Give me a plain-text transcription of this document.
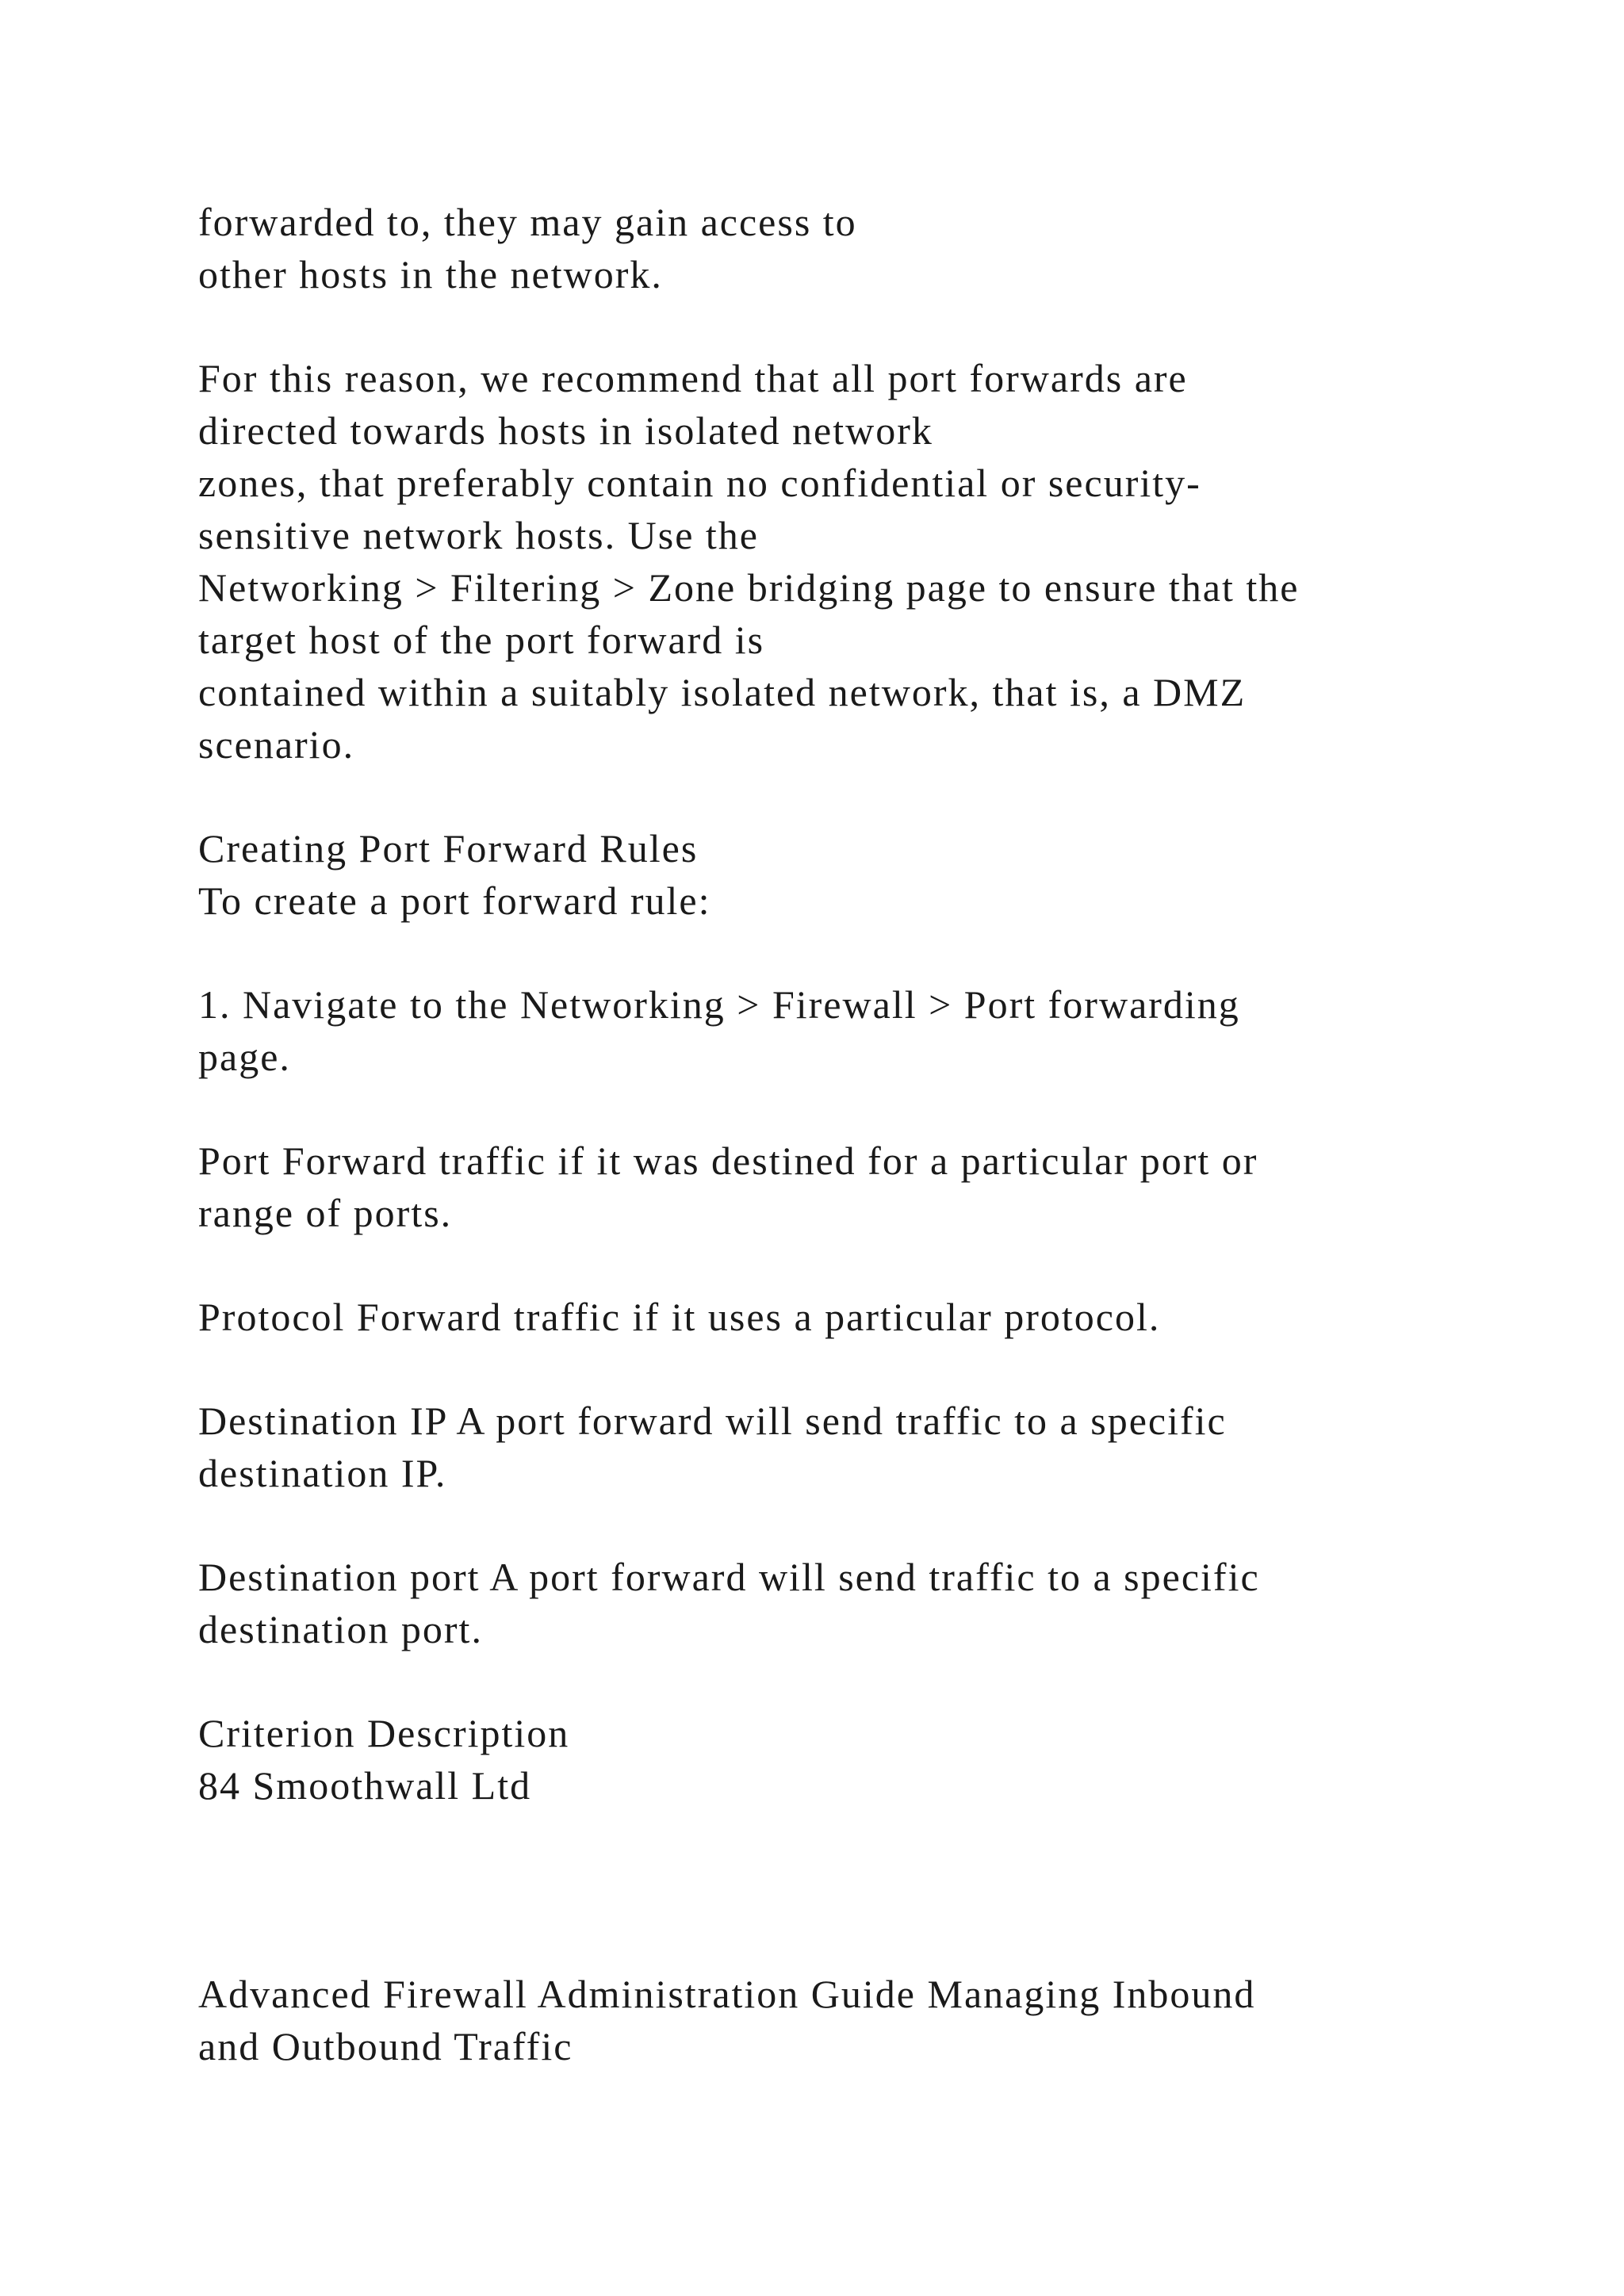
forwarded to, they may gain access to

other hosts in the network.

For this reason, we recommend that all port forwards are

directed towards hosts in isolated network

zones, that preferably contain no confidential or security-

sensitive network hosts. Use the

Networking > Filtering > Zone bridging page to ensure that the

target host of the port forward is

contained within a suitably isolated network, that is, a DMZ

scenario.

Creating Port Forward Rules

To create a port forward rule:

1. Navigate to the Networking > Firewall > Port forwarding

page.

Port Forward traffic if it was destined for a particular port or

range of ports.

Protocol Forward traffic if it uses a particular protocol.

Destination IP A port forward will send traffic to a specific

destination IP.

Destination port A port forward will send traffic to a specific

destination port.

Criterion Description

84 Smoothwall Ltd

Advanced Firewall Administration Guide Managing Inbound

and Outbound Traffic
